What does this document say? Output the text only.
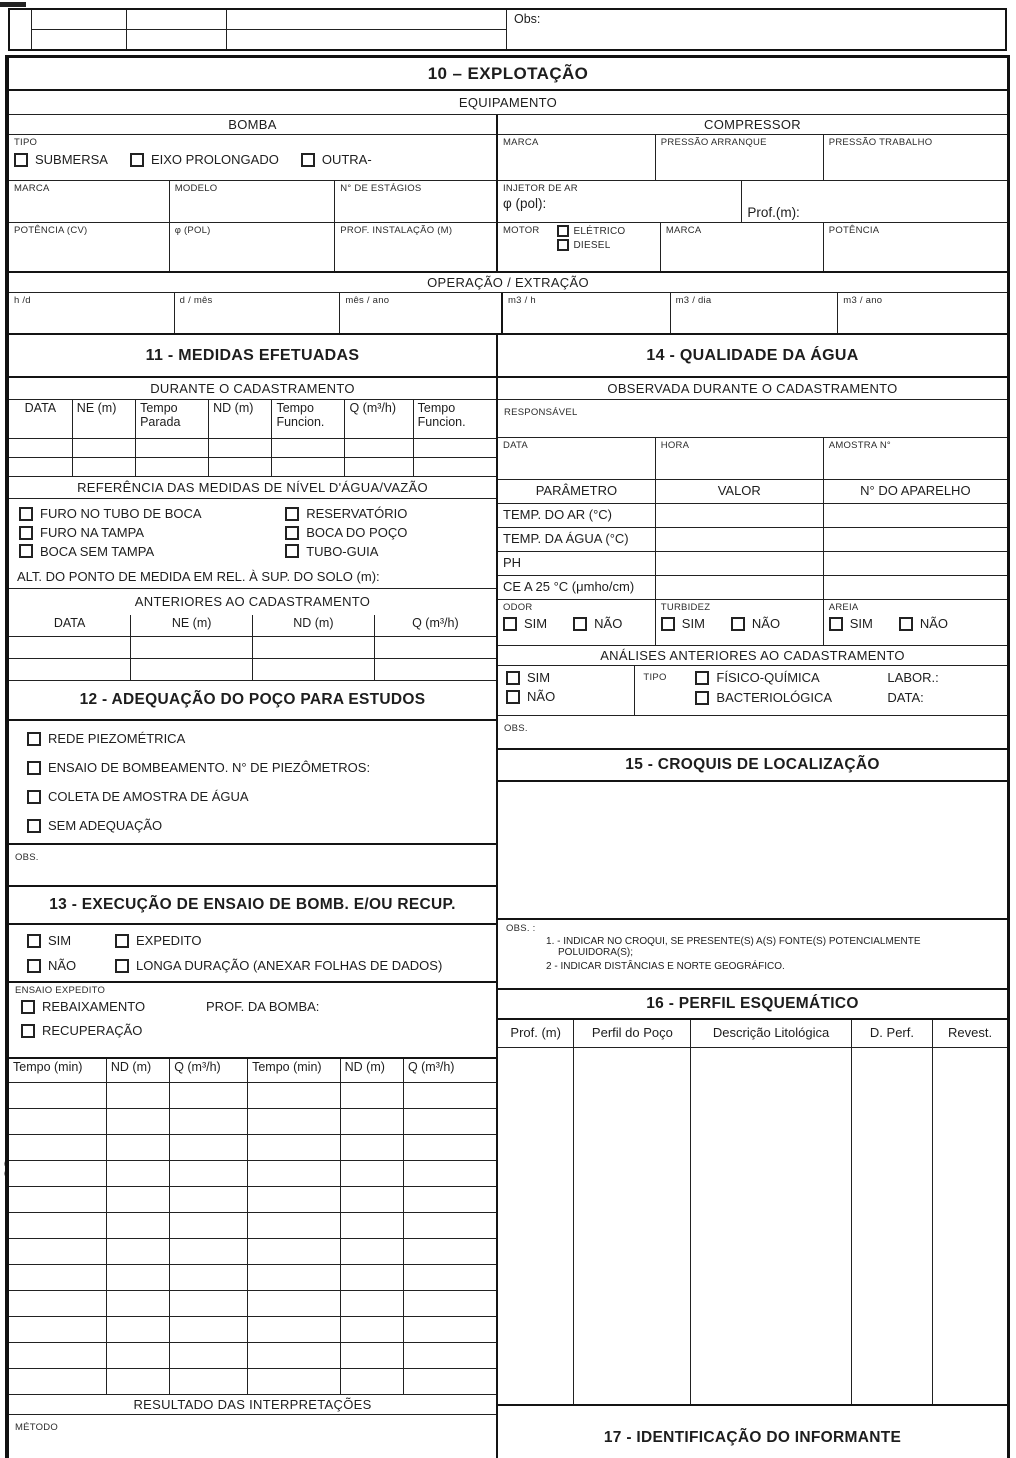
⌇
Obs:
10 – EXPLOTAÇÃO
EQUIPAMENTO
BOMBA
TIPO
SUBMERSA	EIXO PROLONGADO	OUTRA-
MARCA	MODELO	N° DE ESTÁGIOS
POTÊNCIA (CV)	φ (POL)	PROF. INSTALAÇÃO (M)
COMPRESSOR
MARCA	PRESSÃO ARRANQUE	PRESSÃO TRABALHO
INJETOR DE AR
φ (pol):
Prof.(m):
MOTOR	ELÉTRICO
DIESEL
MARCA	POTÊNCIA
OPERAÇÃO / EXTRAÇÃO
h /d	d / mês	mês / ano	m3 / h	m3 / dia	m3 / ano
11 - MEDIDAS EFETUADAS	14 - QUALIDADE DA ÁGUA
DURANTE O CADASTRAMENTO
DATA	NE (m)	Tempo Parada	ND (m)	Tempo Funcion.	Q (m³/h)	Tempo Funcion.

REFERÊNCIA DAS MEDIDAS DE NÍVEL D'ÁGUA/VAZÃO
FURO NO TUBO DE BOCA	RESERVATÓRIO
FURO NA TAMPA	BOCA DO POÇO
BOCA SEM TAMPA	TUBO-GUIA
ALT. DO PONTO DE MEDIDA EM REL. À SUP. DO SOLO (m):
ANTERIORES AO CADASTRAMENTO
DATA	NE (m)	ND (m)	Q (m³/h)

12 - ADEQUAÇÃO DO POÇO PARA ESTUDOS
REDE PIEZOMÉTRICA
ENSAIO DE BOMBEAMENTO. N° DE PIEZÔMETROS:
COLETA DE AMOSTRA DE ÁGUA
SEM ADEQUAÇÃO
OBS.
13 - EXECUÇÃO DE ENSAIO DE BOMB. E/OU RECUP.
SIM	EXPEDITO
NÃO	LONGA DURAÇÃO (ANEXAR FOLHAS DE DADOS)
ENSAIO EXPEDITO
REBAIXAMENTO	PROF. DA BOMBA:
RECUPERAÇÃO
Tempo (min)	ND (m)	Q (m³/h)	Tempo (min)	ND (m)	Q (m³/h)

RESULTADO DAS INTERPRETAÇÕES
MÉTODO
OBSERVADA DURANTE O CADASTRAMENTO
RESPONSÁVEL
DATA	HORA	AMOSTRA N°
PARÂMETRO	VALOR	N° DO APARELHO
TEMP. DO AR (°C)
TEMP. DA ÁGUA (°C)
PH
CE A 25 °C (μmho/cm)
ODOR
SIM	NÃO
TURBIDEZ
SIM	NÃO
AREIA
SIM	NÃO
ANÁLISES ANTERIORES AO CADASTRAMENTO
SIM
NÃO
TIPO	FÍSICO-QUÍMICA	LABOR.:
BACTERIOLÓGICA	DATA:
OBS.
15 - CROQUIS DE LOCALIZAÇÃO
OBS. :
1. - INDICAR NO CROQUI, SE PRESENTE(S) A(S) FONTE(S) POTENCIALMENTE
POLUIDORA(S);
2 - INDICAR DISTÂNCIAS E NORTE GEOGRÁFICO.
16 - PERFIL ESQUEMÁTICO
Prof. (m)	Perfil do Poço	Descrição Litológica	D. Perf.	Revest.
17 - IDENTIFICAÇÃO DO INFORMANTE
